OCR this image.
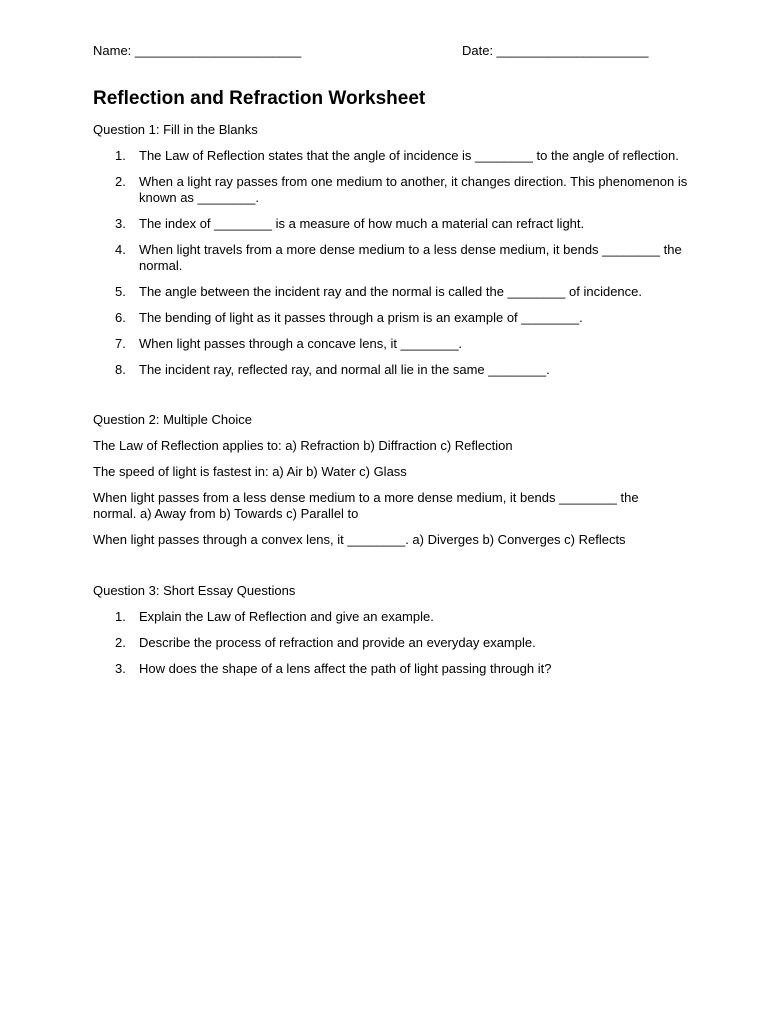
Name: _______________________	Date: _____________________
Reflection and Refraction Worksheet
Question 1: Fill in the Blanks
1. The Law of Reflection states that the angle of incidence is ________ to the angle of reflection.
2. When a light ray passes from one medium to another, it changes direction. This phenomenon is known as ________.
3. The index of ________ is a measure of how much a material can refract light.
4. When light travels from a more dense medium to a less dense medium, it bends ________ the normal.
5. The angle between the incident ray and the normal is called the ________ of incidence.
6. The bending of light as it passes through a prism is an example of ________.
7. When light passes through a concave lens, it ________.
8. The incident ray, reflected ray, and normal all lie in the same ________.
Question 2: Multiple Choice

The Law of Reflection applies to: a) Refraction b) Diffraction c) Reflection

The speed of light is fastest in: a) Air b) Water c) Glass

When light passes from a less dense medium to a more dense medium, it bends ________ the normal. a) Away from b) Towards c) Parallel to

When light passes through a convex lens, it ________. a) Diverges b) Converges c) Reflects

Question 3: Short Essay Questions
1. Explain the Law of Reflection and give an example.
2. Describe the process of refraction and provide an everyday example.
3. How does the shape of a lens affect the path of light passing through it?
